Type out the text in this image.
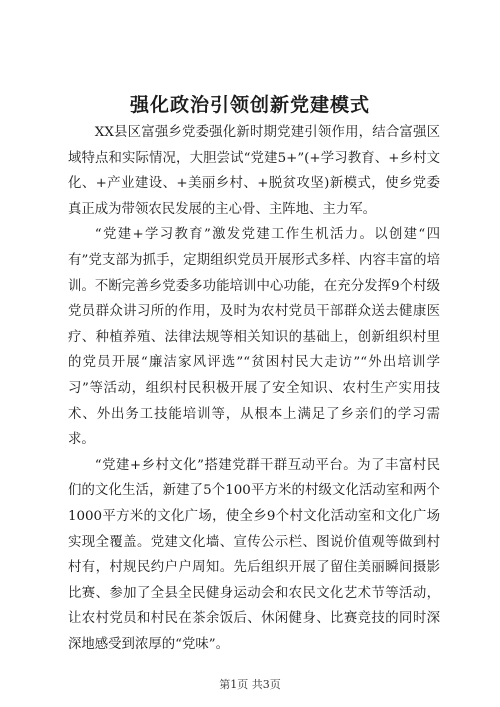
强化政治引领创新党建模式

XX县区富强乡党委强化新时期党建引领作用，结合富强区域特点和实际情况，大胆尝试“党建5+”(+学习教育、+乡村文化、+产业建设、+美丽乡村、+脱贫攻坚)新模式，使乡党委真正成为带领农民发展的主心骨、主阵地、主力军。

“党建+学习教育”激发党建工作生机活力。以创建“四有”党支部为抓手，定期组织党员开展形式多样、内容丰富的培训。不断完善乡党委多功能培训中心功能，在充分发挥9个村级党员群众讲习所的作用，及时为农村党员干部群众送去健康医疗、种植养殖、法律法规等相关知识的基础上，创新组织村里的党员开展“廉洁家风评选”“贫困村民大走访”“外出培训学习”等活动，组织村民积极开展了安全知识、农村生产实用技术、外出务工技能培训等，从根本上满足了乡亲们的学习需求。

“党建+乡村文化”搭建党群干群互动平台。为了丰富村民们的文化生活，新建了5个100平方米的村级文化活动室和两个1000平方米的文化广场，使全乡9个村文化活动室和文化广场实现全覆盖。党建文化墙、宣传公示栏、图说价值观等做到村村有，村规民约户户周知。先后组织开展了留住美丽瞬间摄影比赛、参加了全县全民健身运动会和农民文化艺术节等活动，让农村党员和村民在茶余饭后、休闲健身、比赛竞技的同时深深地感受到浓厚的“党味”。

第1页 共3页
